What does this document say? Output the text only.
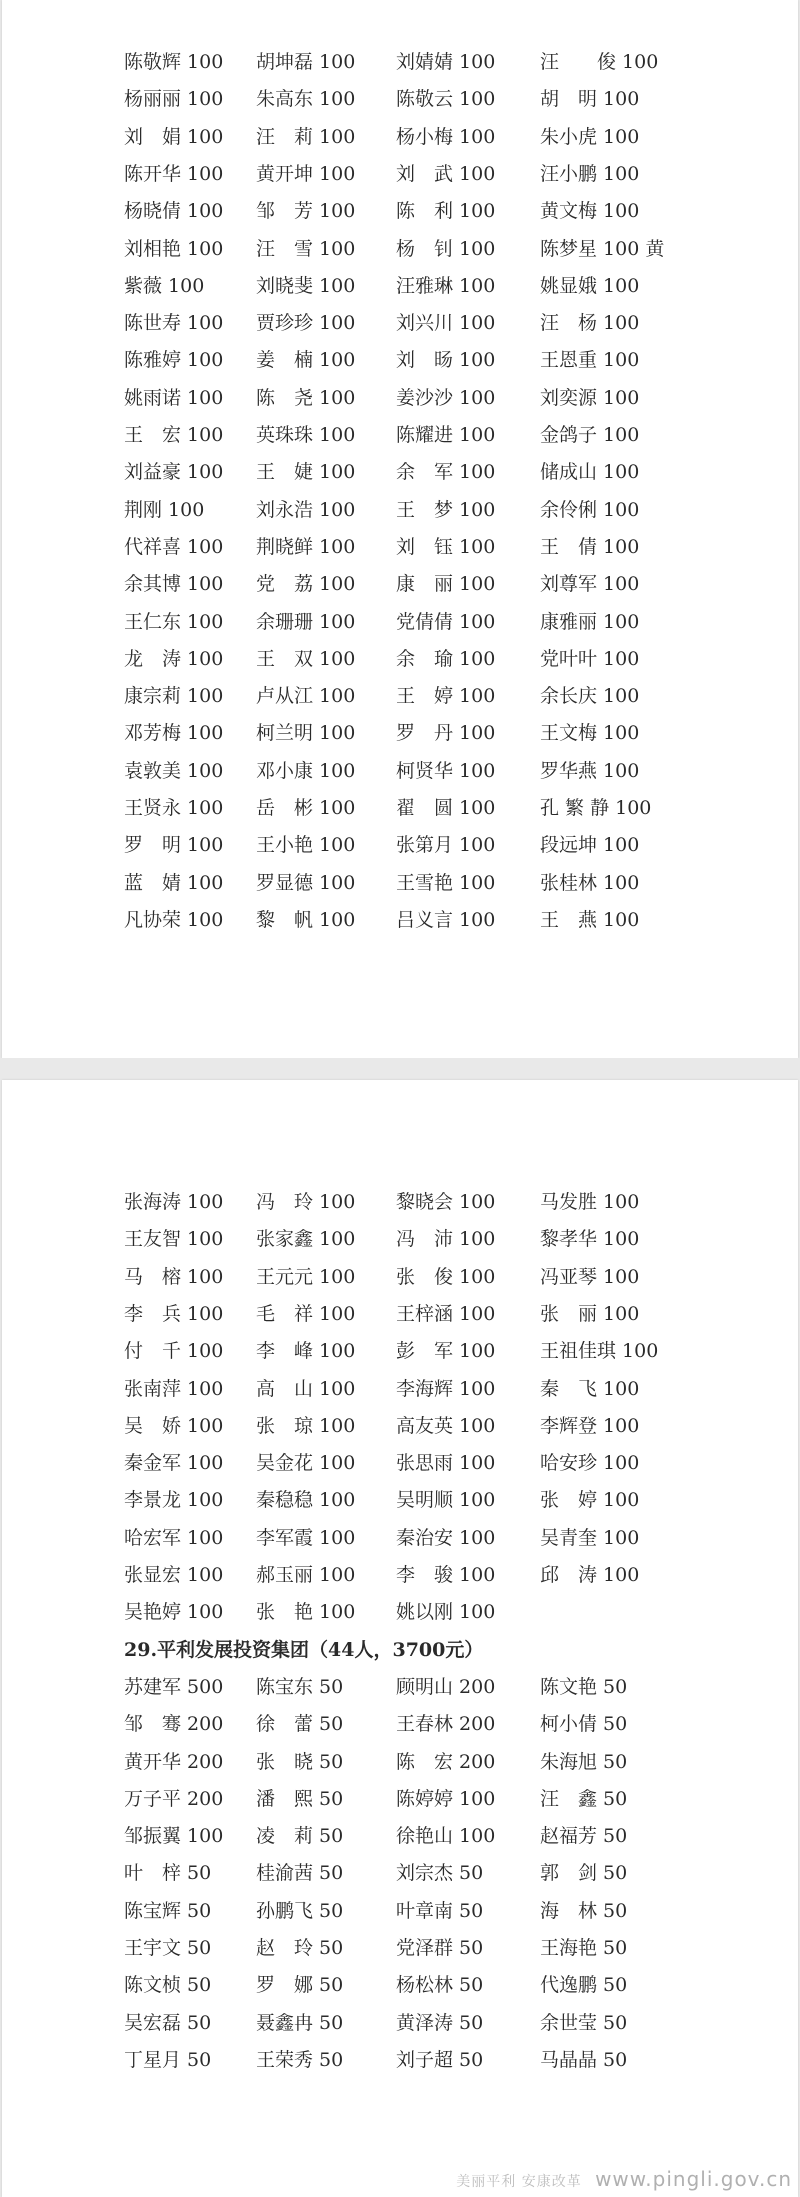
陈敬辉 100 胡坤磊 100 刘婧婧 100 汪　　俊 100
杨丽丽 100 朱高东 100 陈敬云 100 胡　明 100
刘　娟 100 汪　莉 100 杨小梅 100 朱小虎 100
陈开华 100 黄开坤 100 刘　武 100 汪小鹏 100
杨晓倩 100 邹　芳 100 陈　利 100 黄文梅 100
刘相艳 100 汪　雪 100 杨　钊 100 陈梦星 100 黄
紫薇 100	刘晓斐 100 汪雅琳 100 姚显娥 100
陈世寿 100 贾珍珍 100 刘兴川 100 汪　杨 100
陈雅婷 100 姜　楠 100 刘　旸 100 王恩重 100
姚雨诺 100 陈　尧 100 姜沙沙 100 刘奕源 100
王　宏 100 英珠珠 100 陈耀进 100 金鸽子 100
刘益豪 100 王　婕 100 余　军 100 储成山 100
荆刚 100	刘永浩 100 王　梦 100 余伶俐 100
代祥喜 100 荆晓鲜 100 刘　钰 100 王　倩 100
余其博 100 党　荔 100 康　丽 100 刘尊军 100
王仁东 100 余珊珊 100 党倩倩 100 康雅丽 100
龙　涛 100 王　双 100 余　瑜 100 党叶叶 100
康宗莉 100 卢从江 100 王　婷 100 余长庆 100
邓芳梅 100 柯兰明 100 罗　丹 100 王文梅 100
袁敦美 100 邓小康 100 柯贤华 100 罗华燕 100
王贤永 100 岳　彬 100 翟　圆 100 孔 繁 静 100
罗　明 100 王小艳 100 张第月 100 段远坤 100
蓝　婧 100 罗显德 100 王雪艳 100 张桂林 100
凡协荣 100 黎　帆 100 吕义言 100 王　燕 100
张海涛 100 冯　玲 100 黎晓会 100 马发胜 100
王友智 100 张家鑫 100 冯　沛 100 黎孝华 100
马　榕 100 王元元 100 张　俊 100 冯亚琴 100
李　兵 100 毛　祥 100 王梓涵 100 张　丽 100
付　千 100 李　峰 100 彭　军 100 王祖佳琪 100
张南萍 100 高　山 100 李海辉 100 秦　飞 100
吴　娇 100 张　琼 100 高友英 100 李辉登 100
秦金军 100 吴金花 100 张思雨 100 哈安珍 100
李景龙 100 秦稳稳 100 吴明顺 100 张　婷 100
哈宏军 100 李军霞 100 秦治安 100 吴青奎 100
张显宏 100 郝玉丽 100 李　骏 100 邱　涛 100
吴艳婷 100 张　艳 100 姚以刚 100
29.平利发展投资集团（44人，3700元）
苏建军 500 陈宝东 50	顾明山 200 陈文艳 50
邹　骞 200 徐　蕾 50	王春林 200 柯小倩 50
黄开华 200 张　晓 50	陈　宏 200 朱海旭 50
万子平 200 潘　熙 50	陈婷婷 100 汪　鑫 50
邹振翼 100 凌　莉 50	徐艳山 100 赵福芳 50
叶　梓 50 桂渝茜 50	刘宗杰 50	郭　剑 50
陈宝辉 50 孙鹏飞 50	叶章南 50	海　林 50
王宇文 50 赵　玲 50	党泽群 50	王海艳 50
陈文桢 50 罗　娜 50	杨松林 50	代逸鹏 50
吴宏磊 50 聂鑫冉 50	黄泽涛 50	余世莹 50
丁星月 50 王荣秀 50	刘子超 50	马晶晶 50
美丽平利 安康改革 www.pingli.gov.cn
